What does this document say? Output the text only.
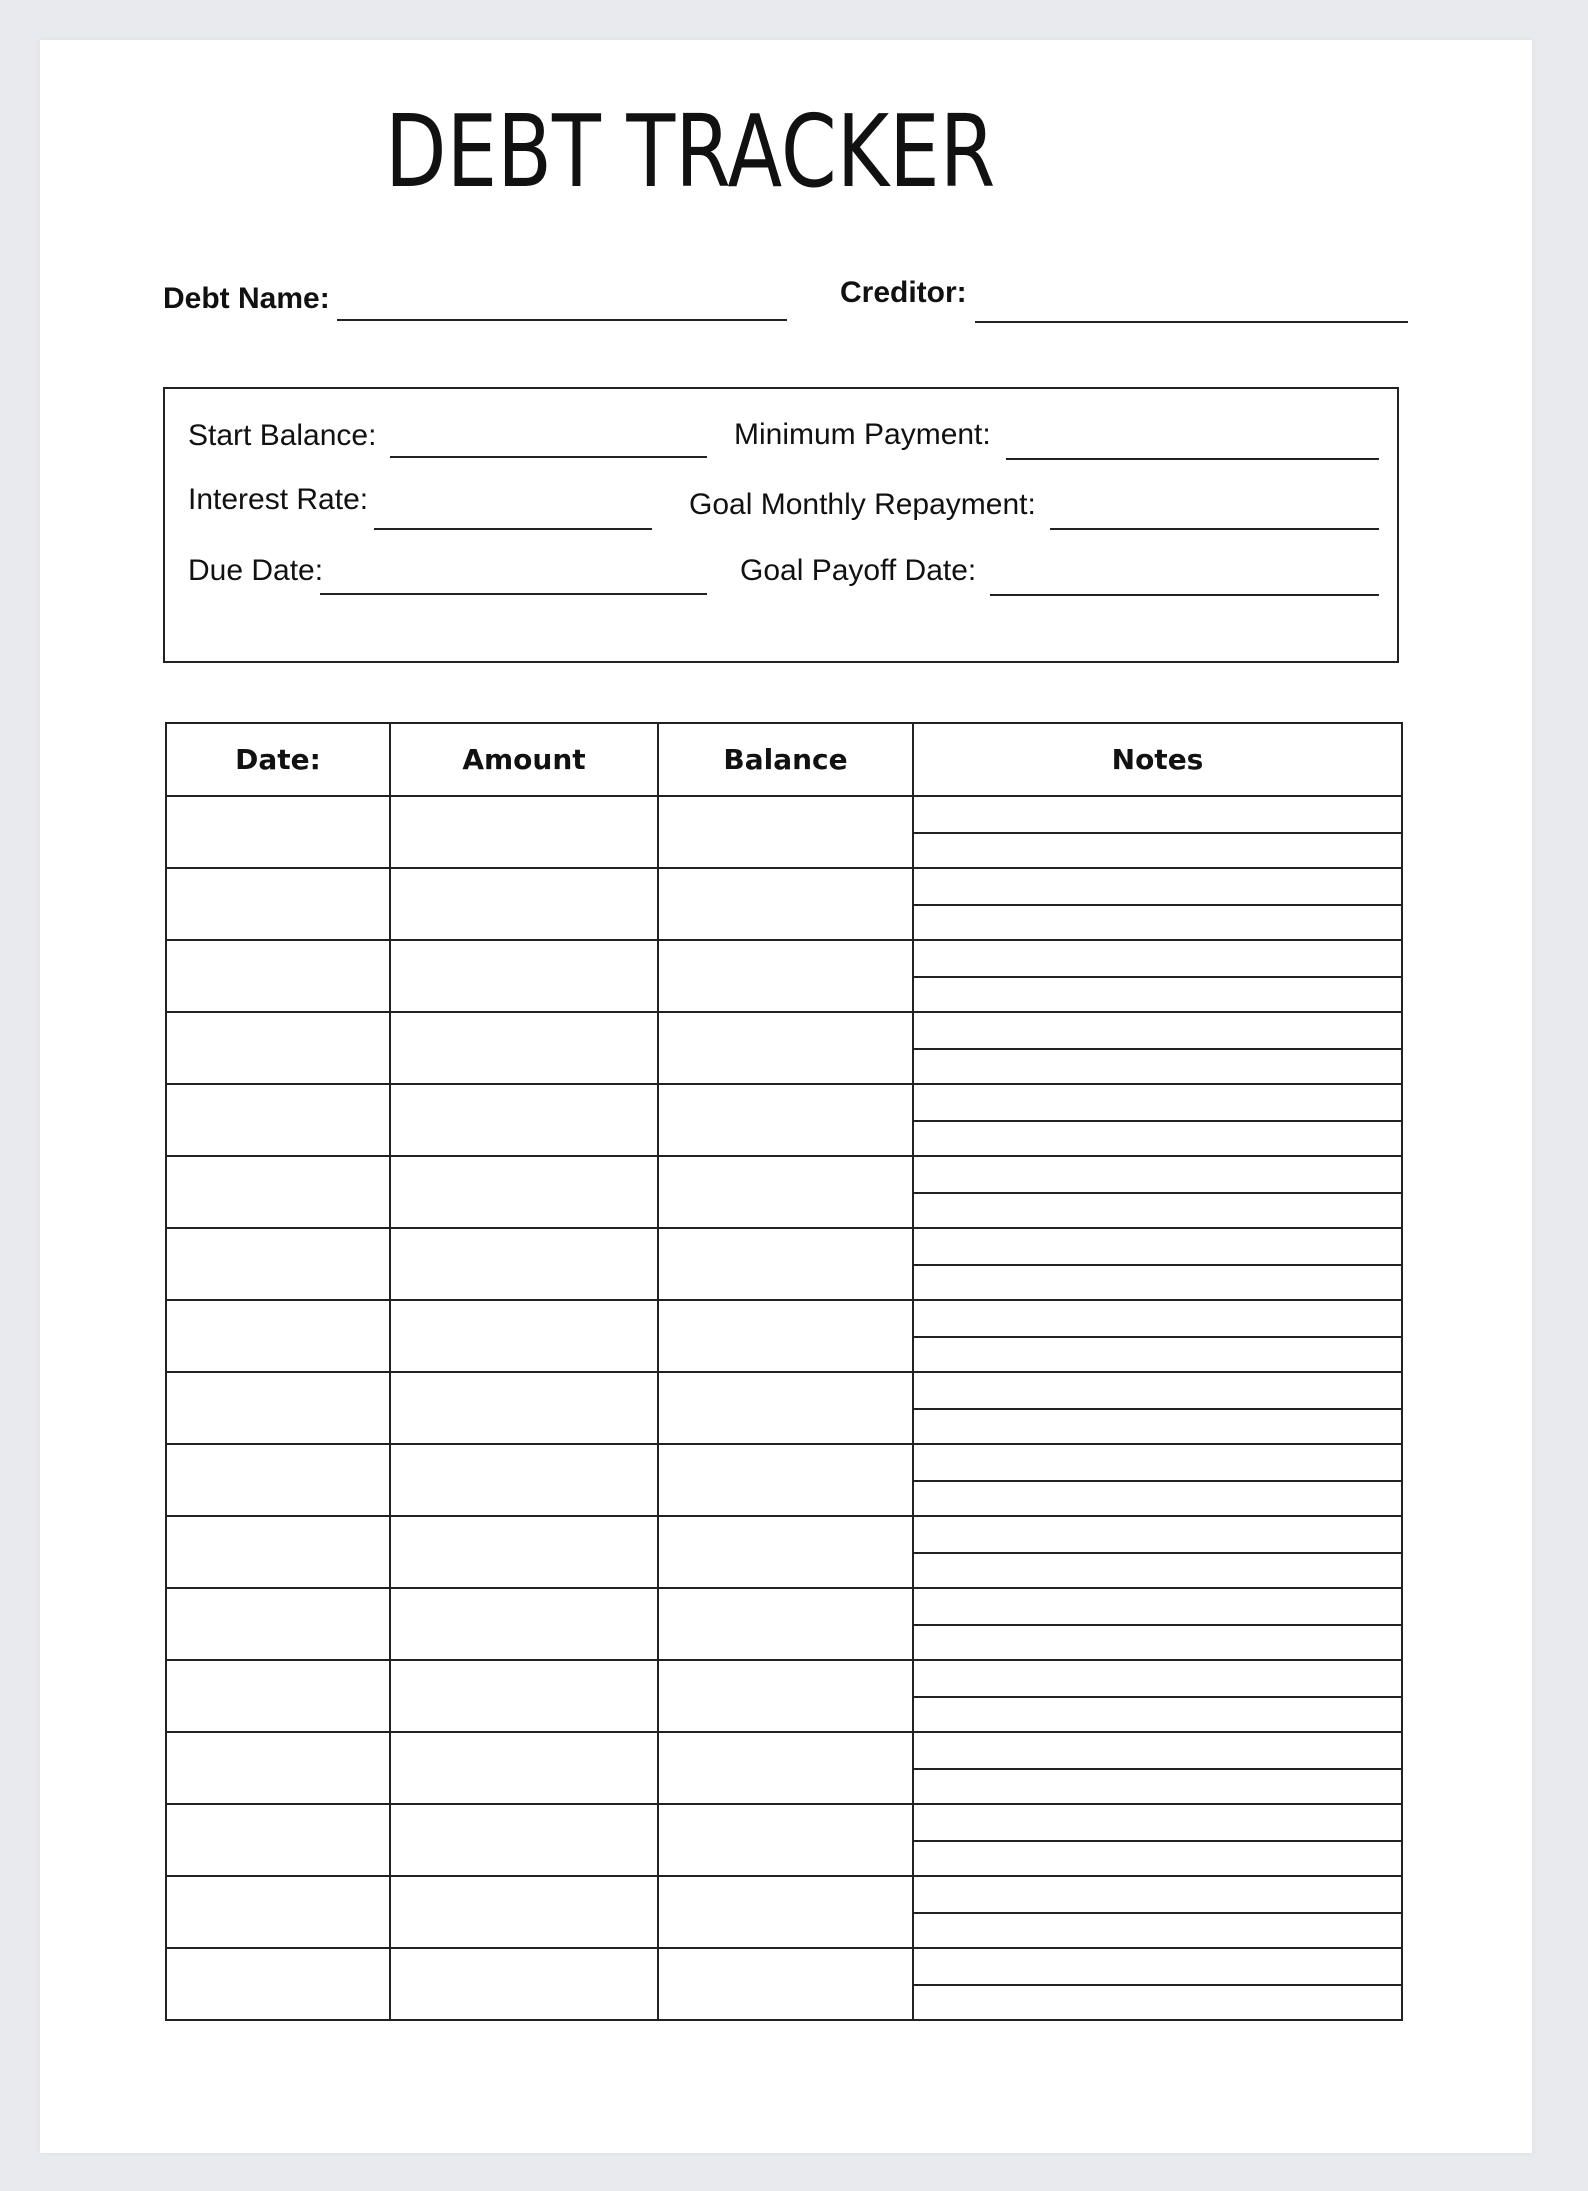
DEBT TRACKER
Debt Name:	Creditor:
Start Balance:	Minimum Payment:
Interest Rate:	Goal Monthly Repayment:
Due Date:	Goal Payoff Date:
Date:	Amount	Balance	Notes
